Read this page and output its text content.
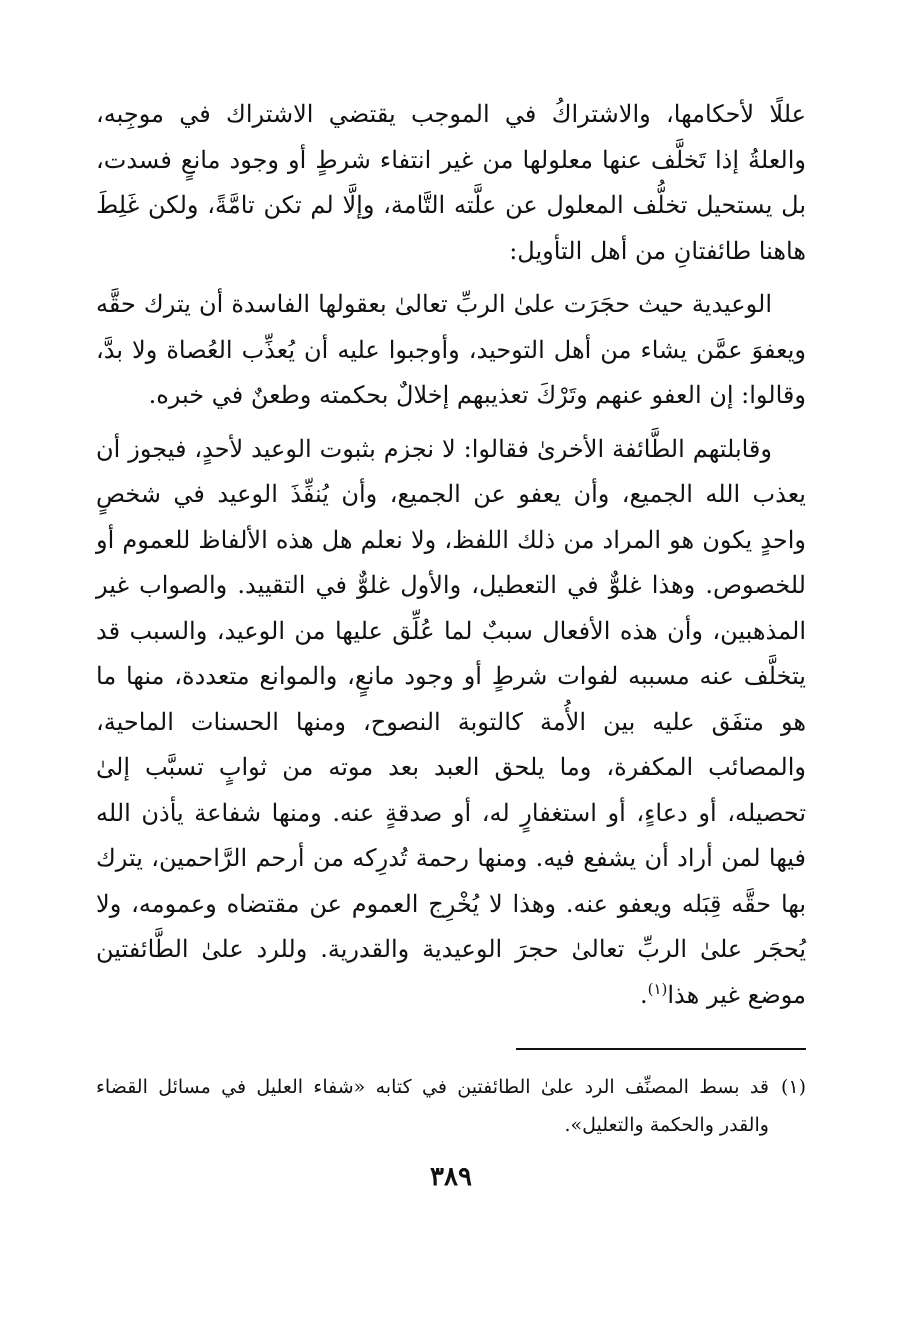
عللًا لأحكامها، والاشتراكُ في الموجب يقتضي الاشتراك في موجِبه، والعلةُ إذا تَخلَّف عنها معلولها من غير انتفاء شرطٍ أو وجود مانعٍ فسدت، بل يستحيل تخلُّف المعلول عن علَّته التَّامة، وإلَّا لم تكن تامَّةً، ولكن غَلِطَ هاهنا طائفتانِ من أهل التأويل:

الوعيدية حيث حجَرَت علىٰ الربِّ تعالىٰ بعقولها الفاسدة أن يترك حقَّه ويعفوَ عمَّن يشاء من أهل التوحيد، وأوجبوا عليه أن يُعذِّب العُصاة ولا بدَّ، وقالوا: إن العفو عنهم وتَرْكَ تعذيبهم إخلالٌ بحكمته وطعنٌ في خبره.

وقابلتهم الطَّائفة الأخرىٰ فقالوا: لا نجزم بثبوت الوعيد لأحدٍ، فيجوز أن يعذب الله الجميع، وأن يعفو عن الجميع، وأن يُنفِّذَ الوعيد في شخصٍ واحدٍ يكون هو المراد من ذلك اللفظ، ولا نعلم هل هذه الألفاظ للعموم أو للخصوص. وهذا غلوٌّ في التعطيل، والأول غلوٌّ في التقييد. والصواب غير المذهبين، وأن هذه الأفعال سببٌ لما عُلِّق عليها من الوعيد، والسبب قد يتخلَّف عنه مسببه لفوات شرطٍ أو وجود مانعٍ، والموانع متعددة، منها ما هو متفَق عليه بين الأُمة كالتوبة النصوح، ومنها الحسنات الماحية، والمصائب المكفرة، وما يلحق العبد بعد موته من ثوابٍ تسبَّب إلىٰ تحصيله، أو دعاءٍ، أو استغفارٍ له، أو صدقةٍ عنه. ومنها شفاعة يأذن الله فيها لمن أراد أن يشفع فيه. ومنها رحمة تُدرِكه من أرحم الرَّاحمين، يترك بها حقَّه قِبَله ويعفو عنه. وهذا لا يُخْرِج العموم عن مقتضاه وعمومه، ولا يُحجَر علىٰ الربِّ تعالىٰ حجرَ الوعيدية والقدرية. وللرد علىٰ الطَّائفتين موضع غير هذا$^{(١)}$.

(١)
قد بسط المصنِّف الرد علىٰ الطائفتين في كتابه «شفاء العليل في مسائل القضاء والقدر والحكمة والتعليل».
٣٨٩
